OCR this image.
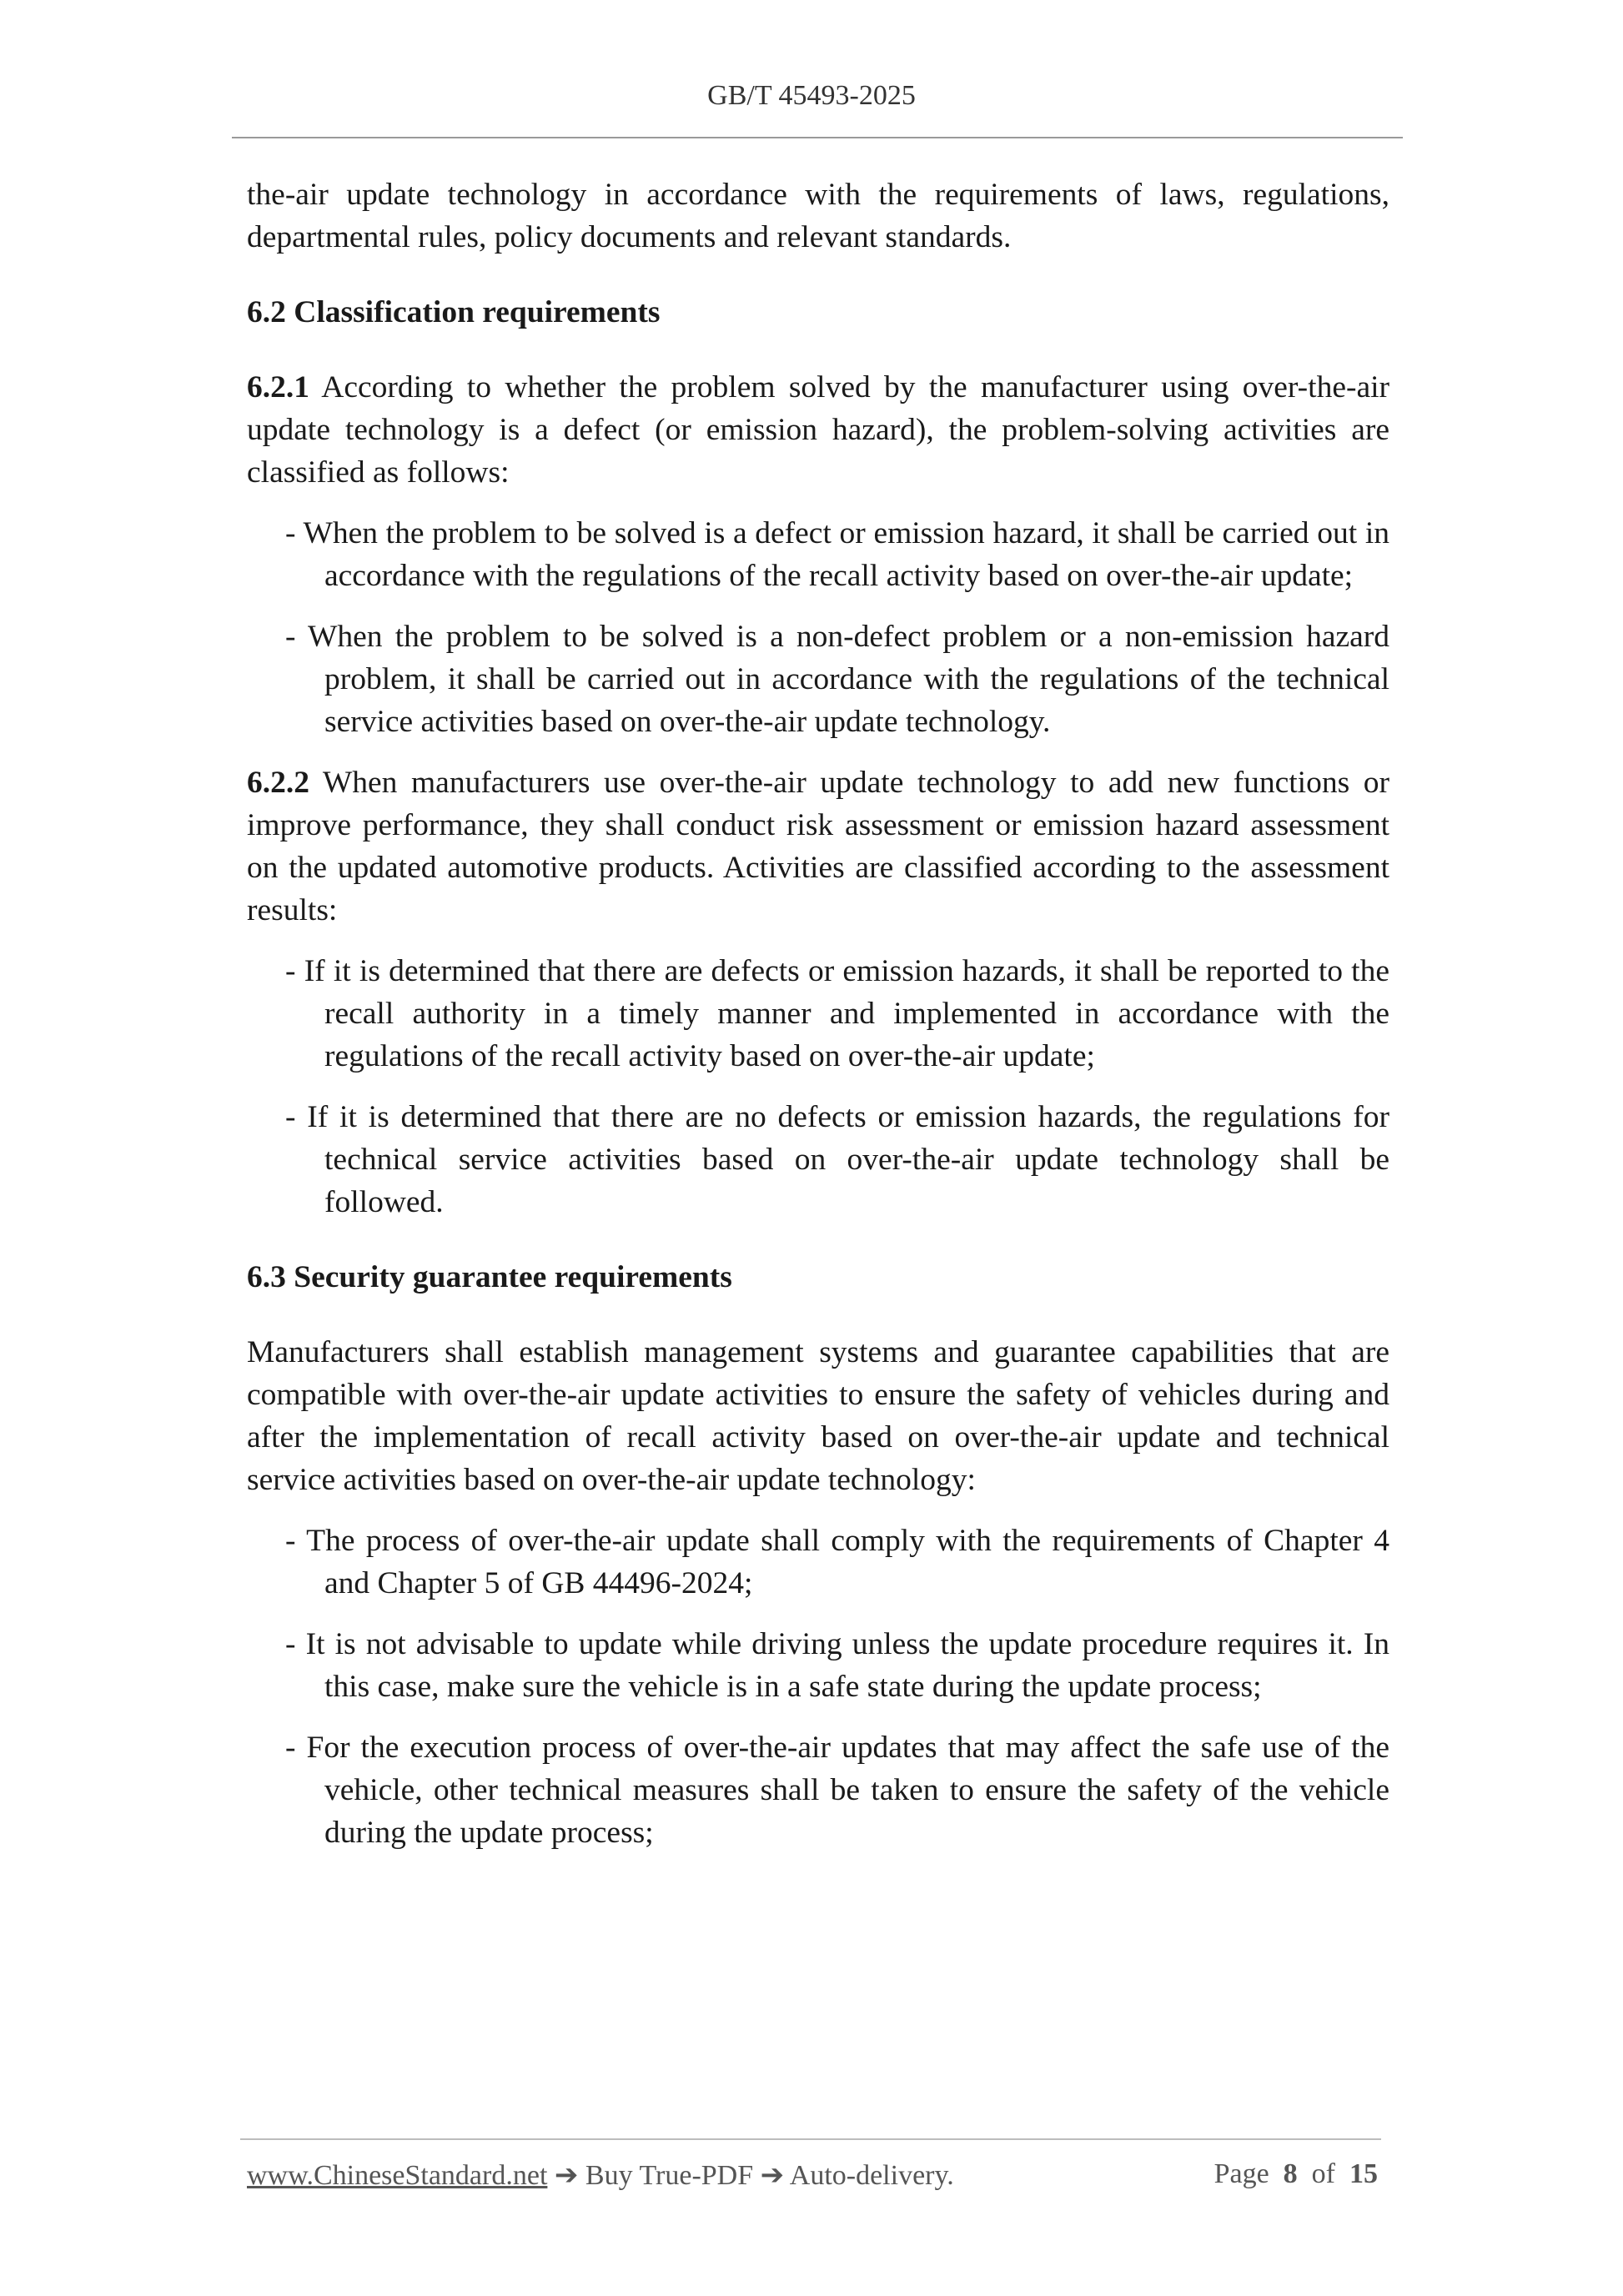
GB/T 45493-2025

the-air update technology in accordance with the requirements of laws, regulations, departmental rules, policy documents and relevant standards.

6.2 Classification requirements

6.2.1 According to whether the problem solved by the manufacturer using over-the-air update technology is a defect (or emission hazard), the problem-solving activities are classified as follows:

- When the problem to be solved is a defect or emission hazard, it shall be carried out in accordance with the regulations of the recall activity based on over-the-air update;

- When the problem to be solved is a non-defect problem or a non-emission hazard problem, it shall be carried out in accordance with the regulations of the technical service activities based on over-the-air update technology.

6.2.2 When manufacturers use over-the-air update technology to add new functions or improve performance, they shall conduct risk assessment or emission hazard assessment on the updated automotive products. Activities are classified according to the assessment results:

- If it is determined that there are defects or emission hazards, it shall be reported to the recall authority in a timely manner and implemented in accordance with the regulations of the recall activity based on over-the-air update;

- If it is determined that there are no defects or emission hazards, the regulations for technical service activities based on over-the-air update technology shall be followed.

6.3 Security guarantee requirements

Manufacturers shall establish management systems and guarantee capabilities that are compatible with over-the-air update activities to ensure the safety of vehicles during and after the implementation of recall activity based on over-the-air update and technical service activities based on over-the-air update technology:

- The process of over-the-air update shall comply with the requirements of Chapter 4 and Chapter 5 of GB 44496-2024;

- It is not advisable to update while driving unless the update procedure requires it. In this case, make sure the vehicle is in a safe state during the update process;

- For the execution process of over-the-air updates that may affect the safe use of the vehicle, other technical measures shall be taken to ensure the safety of the vehicle during the update process;

www.ChineseStandard.net ➔ Buy True-PDF ➔ Auto-delivery.	Page 8 of 15
